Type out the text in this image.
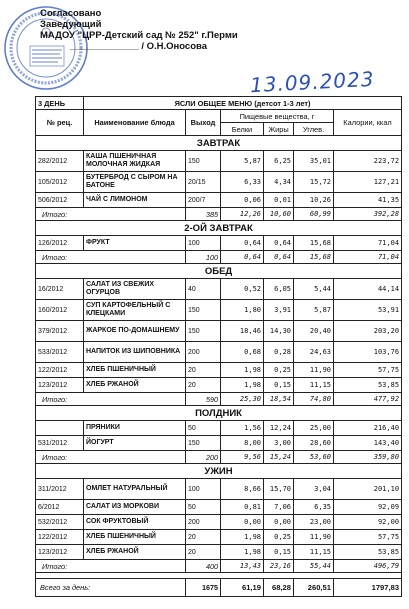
Согласовано
Заведующий
МАДОУ "ЦРР-Детский сад № 252" г.Перми
_____________ / О.Н.Оносова
13.09.2023
3 ДЕНЬ	ЯСЛИ ОБЩЕЕ МЕНЮ (детсот 1-3 лет)					
№ рец.	Наименование блюда	Выход	Пищевые вещества, г			Калории, ккал
			Белки	Жиры	Углев.	
ЗАВТРАК						
282/2012	КАША ПШЕНИЧНАЯ МОЛОЧНАЯ ЖИДКАЯ	150	5,87	6,25	35,01	223,72
105/2012	БУТЕРБРОД С СЫРОМ НА БАТОНЕ	20/15	6,33	4,34	15,72	127,21
506/2012	ЧАЙ С ЛИМОНОМ	200/7	0,06	0,01	10,26	41,35
Итого:		385	12,26	10,60	60,99	392,28
2-ОЙ ЗАВТРАК						
126/2012	ФРУКТ	100	0,64	0,64	15,68	71,04
Итого:		100	0,64	0,64	15,68	71,04
ОБЕД						
16/2012	САЛАТ ИЗ СВЕЖИХ ОГУРЦОВ	40	0,52	6,05	5,44	44,14
160/2012	СУП КАРТОФЕЛЬНЫЙ С КЛЕЦКАМИ	150	1,80	3,91	5,87	53,91
379/2012	ЖАРКОЕ ПО-ДОМАШНЕМУ	150	18,46	14,30	20,40	203,20
533/2012	НАПИТОК ИЗ ШИПОВНИКА	200	0,68	0,28	24,63	103,76
122/2012	ХЛЕБ ПШЕНИЧНЫЙ	20	1,98	0,25	11,90	57,75
123/2012	ХЛЕБ РЖАНОЙ	20	1,98	0,15	11,15	53,85
Итого:		590	25,30	18,54	74,80	477,92
ПОЛДНИК						
	ПРЯНИКИ	50	1,56	12,24	25,00	216,40
531/2012	ЙОГУРТ	150	8,00	3,00	28,60	143,40
Итого:		200	9,56	15,24	53,60	359,80
УЖИН						
311/2012	ОМЛЕТ НАТУРАЛЬНЫЙ	100	8,66	15,70	3,04	201,10
6/2012	САЛАТ ИЗ МОРКОВИ	50	0,81	7,06	6,35	92,09
532/2012	СОК ФРУКТОВЫЙ	200	0,00	0,00	23,00	92,00
122/2012	ХЛЕБ ПШЕНИЧНЫЙ	20	1,98	0,25	11,90	57,75
123/2012	ХЛЕБ РЖАНОЙ	20	1,98	0,15	11,15	53,85
Итого:		400	13,43	23,16	55,44	496,79

Всего за день:		1675	61,19	68,28	260,51	1797,83
